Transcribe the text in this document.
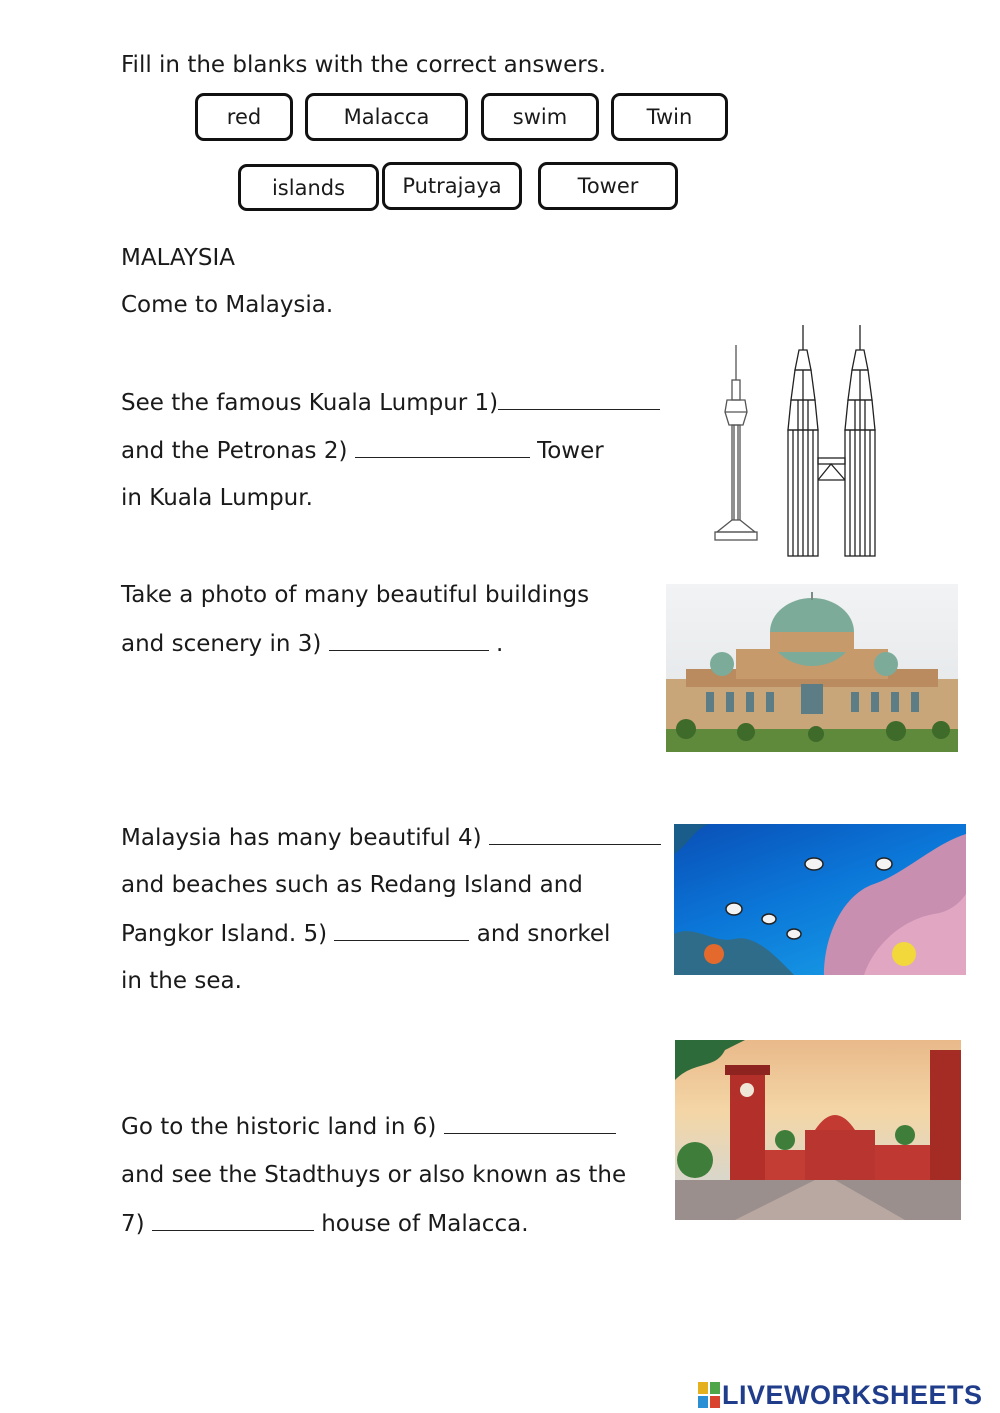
Fill in the blanks with the correct answers.
red	Malacca	swim	Twin
islands	Putrajaya	Tower
MALAYSIA
Come to Malaysia.
See the famous Kuala Lumpur 1)
and the Petronas 2)	Tower
in Kuala Lumpur.
Take a photo of many beautiful buildings
and scenery in 3)	.
Malaysia has many beautiful 4)
and beaches such as Redang Island and
Pangkor Island. 5)	and snorkel
in the sea.
Go to the historic land in 6)
and see the Stadthuys or also known as the
7)	house of Malacca.
LIVEWORKSHEETS
